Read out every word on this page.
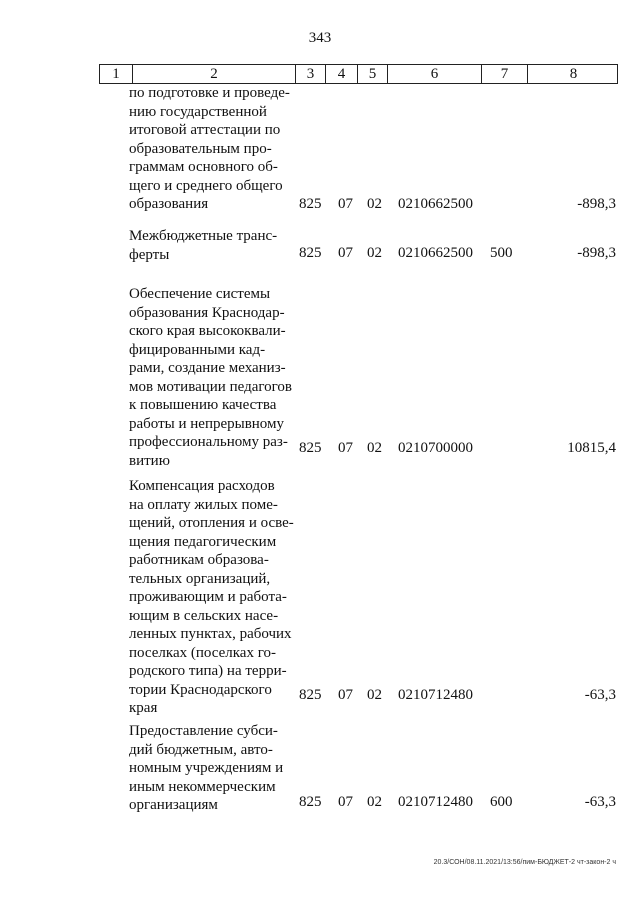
343
1	2	3	4	5	6	7	8
по подготовке и проведе-
нию государственной
итоговой аттестации по
образовательным про-
граммам основного об-
щего и среднего общего
образования	825 07 02 0210662500	-898,3
Межбюджетные транс-
ферты	825 07 02 0210662500 500	-898,3
Обеспечение системы
образования Краснодар-
ского края высококвали-
фицированными кад-
рами, создание механиз-
мов мотивации педагогов
к повышению качества
работы и непрерывному
профессиональному раз-
витию
825 07 02 0210700000	10815,4
Компенсация расходов
на оплату жилых поме-
щений, отопления и осве-
щения педагогическим
работникам образова-
тельных организаций,
проживающим и работа-
ющим в сельских насе-
ленных пунктах, рабочих
поселках (поселках го-
родского типа) на терри-
тории Краснодарского
края
825 07 02 0210712480	-63,3
Предоставление субси-
дий бюджетным, авто-
номным учреждениям и
иным некоммерческим
организациям	825 07 02 0210712480 600	-63,3
20.3/СОН/08.11.2021/13:56/пим-БЮДЖЕТ-2 чт-закон-2 ч
